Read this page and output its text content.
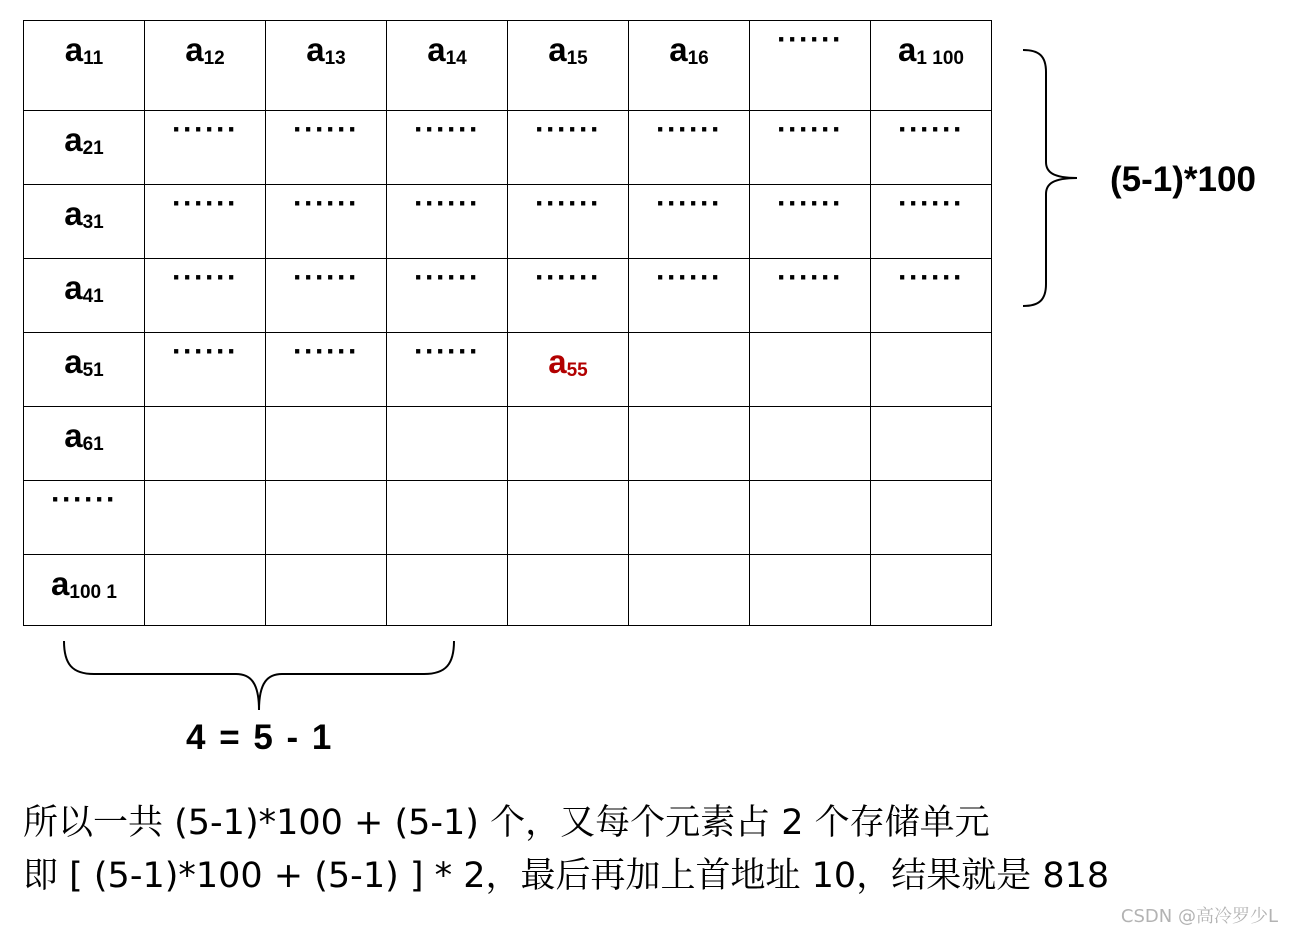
$a_{11}$	$a_{12}$	$a_{13}$	$a_{14}$	$a_{15}$	$a_{16}$	······	$a_{1 100}$
$a_{21}$	······	······	······	······	······	······	······
$a_{31}$	······	······	······	······	······	······	······
$a_{41}$	······	······	······	······	······	······	······
$a_{51}$	······	······	······	$a_{55}$			
$a_{61}$							
······							
$a_{100 1}$							
(5-1)*100
4 = 5 - 1
所以一共 (5-1)*100 + (5-1) 个，又每个元素占 2 个存储单元
即 [ (5-1)*100 + (5-1) ] * 2，最后再加上首地址 10，结果就是 818
CSDN @高冷罗少L
